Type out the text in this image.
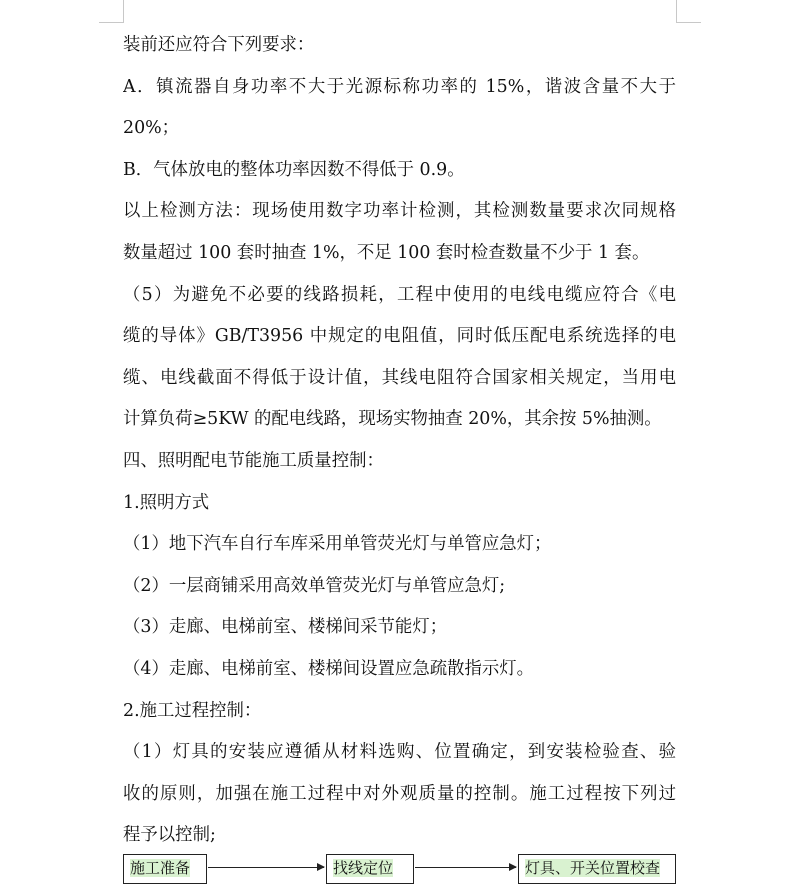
装前还应符合下列要求：

A．镇流器自身功率不大于光源标称功率的 15%，谐波含量不大于

20%；

B．气体放电的整体功率因数不得低于 0.9。

以上检测方法：现场使用数字功率计检测，其检测数量要求次同规格

数量超过 100 套时抽查 1%，不足 100 套时检查数量不少于 1 套。

（5）为避免不必要的线路损耗，工程中使用的电线电缆应符合《电

缆的导体》GB/T3956 中规定的电阻值，同时低压配电系统选择的电

缆、电线截面不得低于设计值，其线电阻符合国家相关规定，当用电

计算负荷≥5KW 的配电线路，现场实物抽查 20%，其余按 5%抽测。

四、照明配电节能施工质量控制：

1.照明方式

（1）地下汽车自行车库采用单管荧光灯与单管应急灯；

（2）一层商铺采用高效单管荧光灯与单管应急灯;

（3）走廊、电梯前室、楼梯间采节能灯；

（4）走廊、电梯前室、楼梯间设置应急疏散指示灯。

2.施工过程控制：

（1）灯具的安装应遵循从材料选购、位置确定，到安装检验查、验

收的原则，加强在施工过程中对外观质量的控制。施工过程按下列过

程予以控制;

施工准备	找线定位	灯具、开关位置校查
